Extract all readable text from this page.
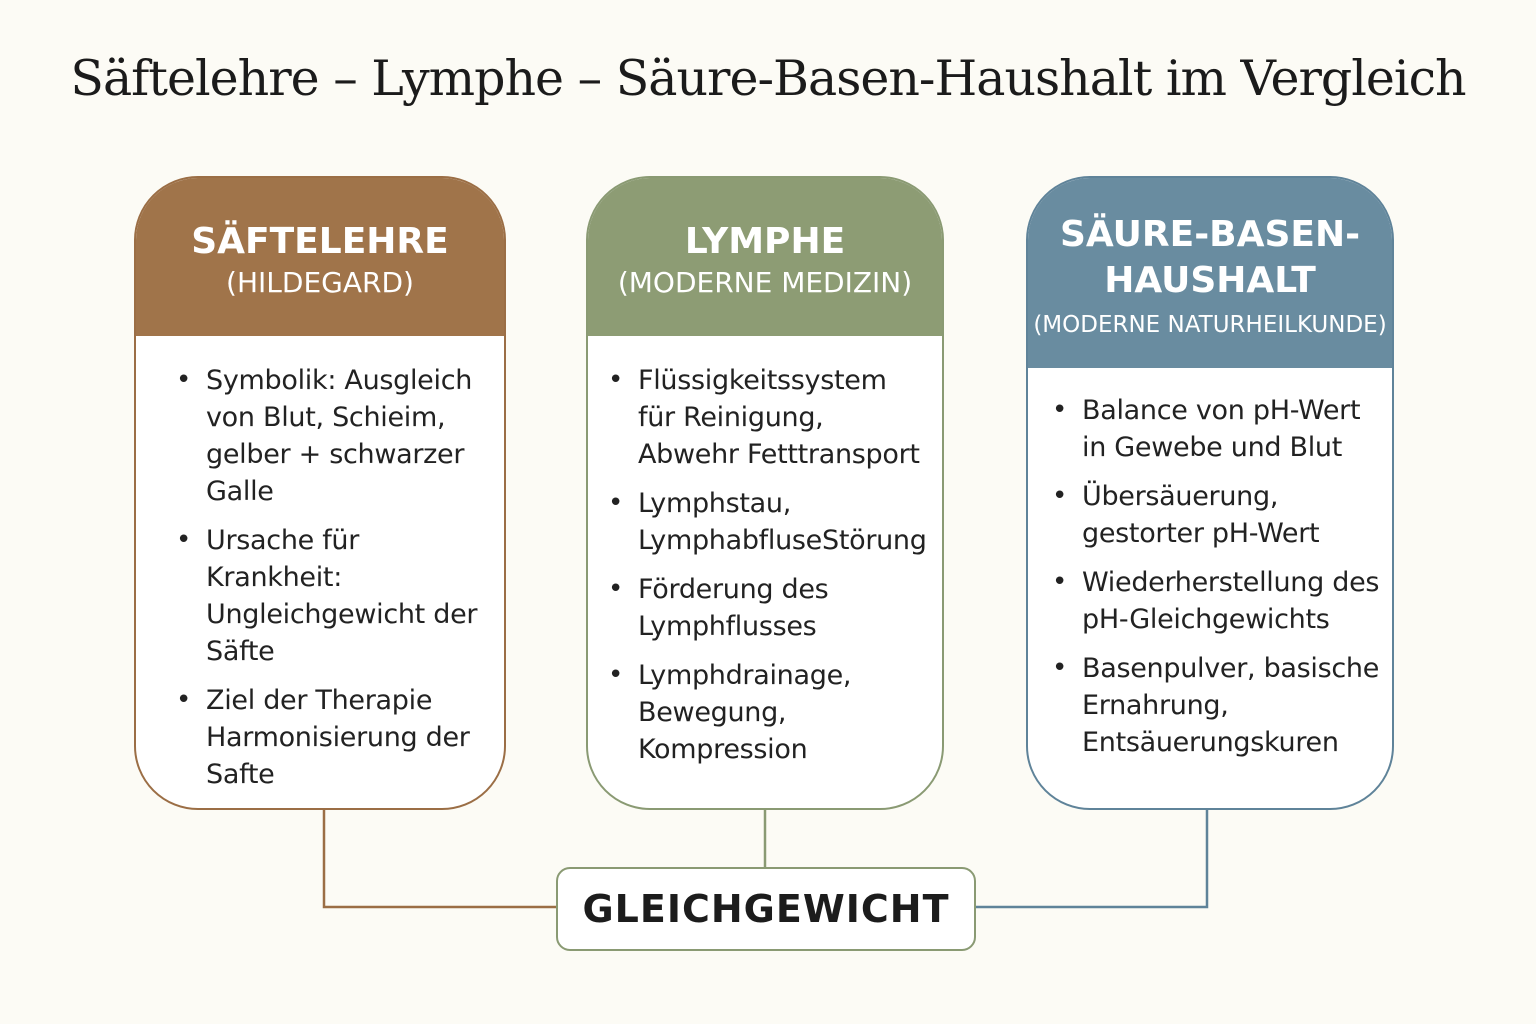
Säftelehre – Lymphe – Säure-Basen-Haushalt im Vergleich
SÄFTELEHRE
(HILDEGARD)
• Symbolik: Ausgleich von Blut, Schieim, gelber + schwarzer Galle
• Ursache für Krankheit: Ungleichgewicht der Säfte
• Ziel der Therapie Harmonisierung der Safte
LYMPHE
(MODERNE MEDIZIN)
• Flüssigkeitssystem für Reinigung, Abwehr Fetttransport
• Lymphstau, LymphabfluseStörung
• Förderung des Lymphflusses
• Lymphdrainage, Bewegung, Kompression
SÄURE-BASEN-
HAUSHALT
(MODERNE NATURHEILKUNDE)
• Balance von pH-Wert in Gewebe und Blut
• Übersäuerung, gestorter pH-Wert
• Wiederherstellung des pH-Gleichgewichts
• Basenpulver, basische Ernahrung, Entsäuerungskuren
GLEICHGEWICHT
